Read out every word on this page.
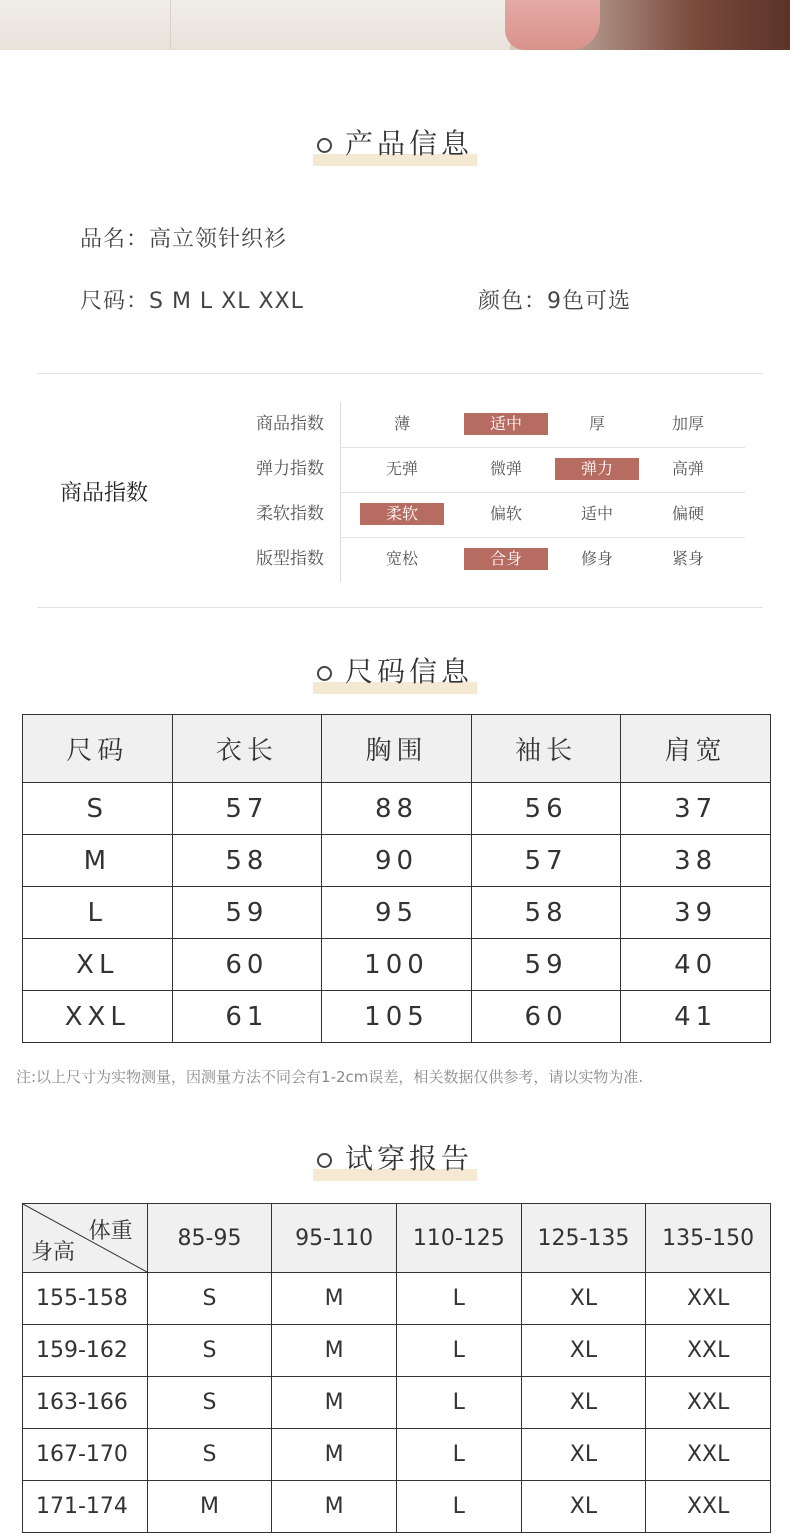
产品信息
品名：高立领针织衫
尺码：S M L XL XXL	颜色：9色可选
商品指数
商品指数	薄	适中	厚	加厚
弹力指数	无弹	微弹	弹力	高弹
柔软指数	柔软	偏软	适中	偏硬
版型指数	宽松	合身	修身	紧身
尺码信息
尺码	衣长	胸围	袖长	肩宽
S	57	88	56	37
M	58	90	57	38
L	59	95	58	39
XL	60	100	59	40
XXL	61	105	60	41
注:以上尺寸为实物测量，因测量方法不同会有1-2cm误差，相关数据仅供参考，请以实物为准.
试穿报告
体重
身高	85-95	95-110	110-125	125-135	135-150
155-158	S	M	L	XL	XXL
159-162	S	M	L	XL	XXL
163-166	S	M	L	XL	XXL
167-170	S	M	L	XL	XXL
171-174	M	M	L	XL	XXL
